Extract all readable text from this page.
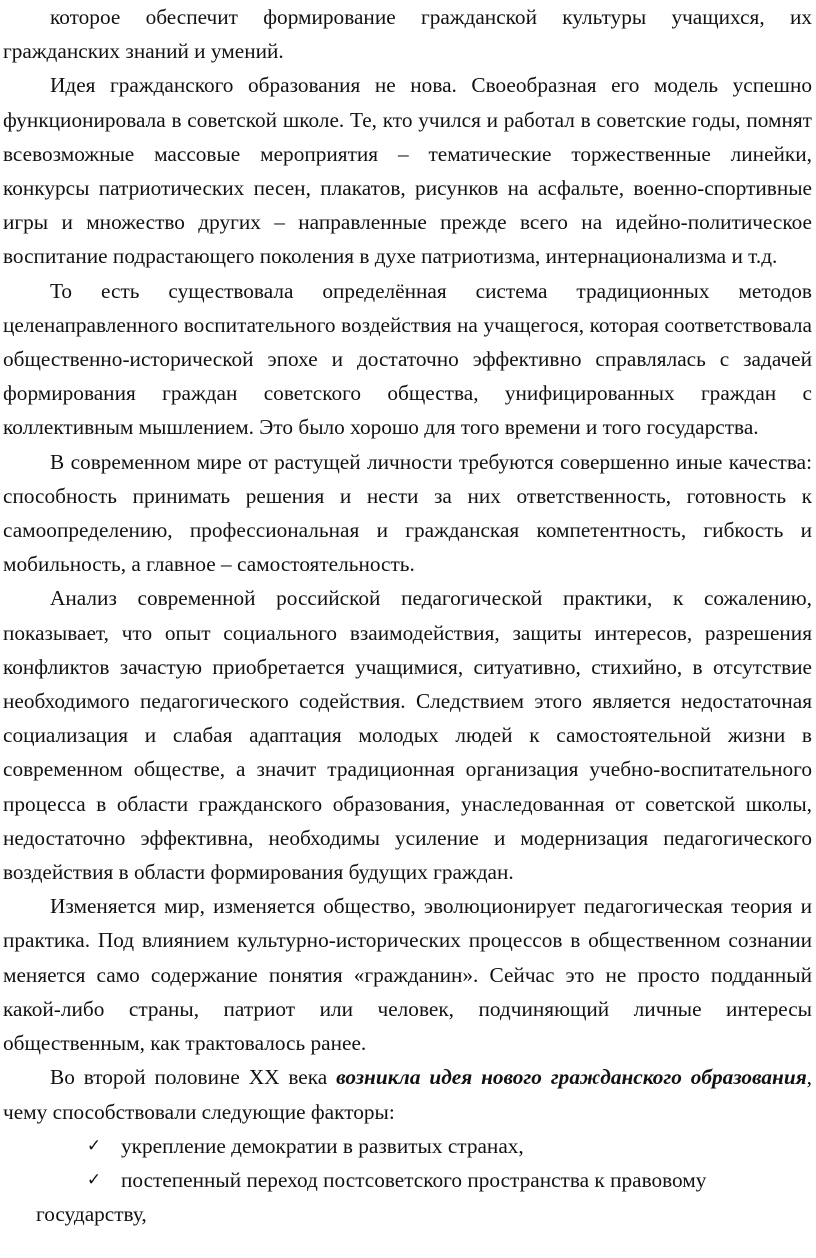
которое обеспечит формирование гражданской культуры учащихся, их гражданских знаний и умений.

Идея гражданского образования не нова. Своеобразная его модель успешно функционировала в советской школе. Те, кто учился и работал в советские годы, помнят всевозможные массовые мероприятия – тематические торжественные линейки, конкурсы патриотических песен, плакатов, рисунков на асфальте, военно-спортивные игры и множество других – направленные прежде всего на идейно-политическое воспитание подрастающего поколения в духе патриотизма, интернационализма и т.д.

То есть существовала определённая система традиционных методов целенаправленного воспитательного воздействия на учащегося, которая соответствовала общественно-исторической эпохе и достаточно эффективно справлялась с задачей формирования граждан советского общества, унифицированных граждан с коллективным мышлением. Это было хорошо для того времени и того государства.

В современном мире от растущей личности требуются совершенно иные качества: способность принимать решения и нести за них ответственность, готовность к самоопределению, профессиональная и гражданская компетентность, гибкость и мобильность, а главное – самостоятельность.

Анализ современной российской педагогической практики, к сожалению, показывает, что опыт социального взаимодействия, защиты интересов, разрешения конфликтов зачастую приобретается учащимися, ситуативно, стихийно, в отсутствие необходимого педагогического содействия. Следствием этого является недостаточная социализация и слабая адаптация молодых людей к самостоятельной жизни в современном обществе, а значит традиционная организация учебно-воспитательного процесса в области гражданского образования, унаследованная от советской школы, недостаточно эффективна, необходимы усиление и модернизация педагогического воздействия в области формирования будущих граждан.

Изменяется мир, изменяется общество, эволюционирует педагогическая теория и практика. Под влиянием культурно-исторических процессов в общественном сознании меняется само содержание понятия «гражданин». Сейчас это не просто подданный какой-либо страны, патриот или человек, подчиняющий личные интересы общественным, как трактовалось ранее.

Во второй половине XX века возникла идея нового гражданского образования, чему способствовали следующие факторы:

✓ укрепление демократии в развитых странах,

✓ постепенный переход постсоветского пространства к правовому
государству,
